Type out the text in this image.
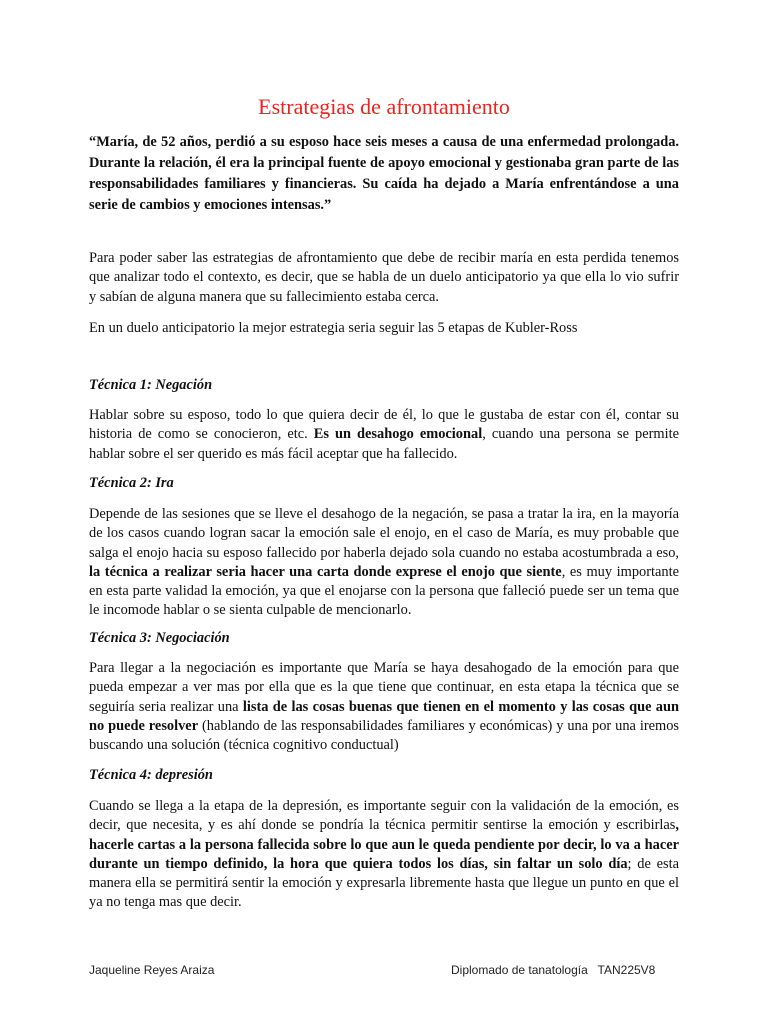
Estrategias de afrontamiento
“María, de 52 años, perdió a su esposo hace seis meses a causa de una enfermedad prolongada. Durante la relación, él era la principal fuente de apoyo emocional y gestionaba gran parte de las responsabilidades familiares y financieras. Su caída ha dejado a María enfrentándose a una serie de cambios y emociones intensas.”
Para poder saber las estrategias de afrontamiento que debe de recibir maría en esta perdida tenemos que analizar todo el contexto, es decir, que se habla de un duelo anticipatorio ya que ella lo vio sufrir y sabían de alguna manera que su fallecimiento estaba cerca.
En un duelo anticipatorio la mejor estrategia seria seguir las 5 etapas de Kubler-Ross
Técnica 1: Negación
Hablar sobre su esposo, todo lo que quiera decir de él, lo que le gustaba de estar con él, contar su historia de como se conocieron, etc. Es un desahogo emocional, cuando una persona se permite hablar sobre el ser querido es más fácil aceptar que ha fallecido.
Técnica 2: Ira
Depende de las sesiones que se lleve el desahogo de la negación, se pasa a tratar la ira, en la mayoría de los casos cuando logran sacar la emoción sale el enojo, en el caso de María, es muy probable que salga el enojo hacia su esposo fallecido por haberla dejado sola cuando no estaba acostumbrada a eso, la técnica a realizar seria hacer una carta donde exprese el enojo que siente, es muy importante en esta parte validad la emoción, ya que el enojarse con la persona que falleció puede ser un tema que le incomode hablar o se sienta culpable de mencionarlo.
Técnica 3: Negociación
Para llegar a la negociación es importante que María se haya desahogado de la emoción para que pueda empezar a ver mas por ella que es la que tiene que continuar, en esta etapa la técnica que se seguiría seria realizar una lista de las cosas buenas que tienen en el momento y las cosas que aun no puede resolver (hablando de las responsabilidades familiares y económicas) y una por una iremos buscando una solución (técnica cognitivo conductual)
Técnica 4: depresión
Cuando se llega a la etapa de la depresión, es importante seguir con la validación de la emoción, es decir, que necesita, y es ahí donde se pondría la técnica permitir sentirse la emoción y escribirlas, hacerle cartas a la persona fallecida sobre lo que aun le queda pendiente por decir, lo va a hacer durante un tiempo definido, la hora que quiera todos los días, sin faltar un solo día; de esta manera ella se permitirá sentir la emoción y expresarla libremente hasta que llegue un punto en que el ya no tenga mas que decir.
Jaqueline Reyes Araiza	Diplomado de tanatología   TAN225V8
